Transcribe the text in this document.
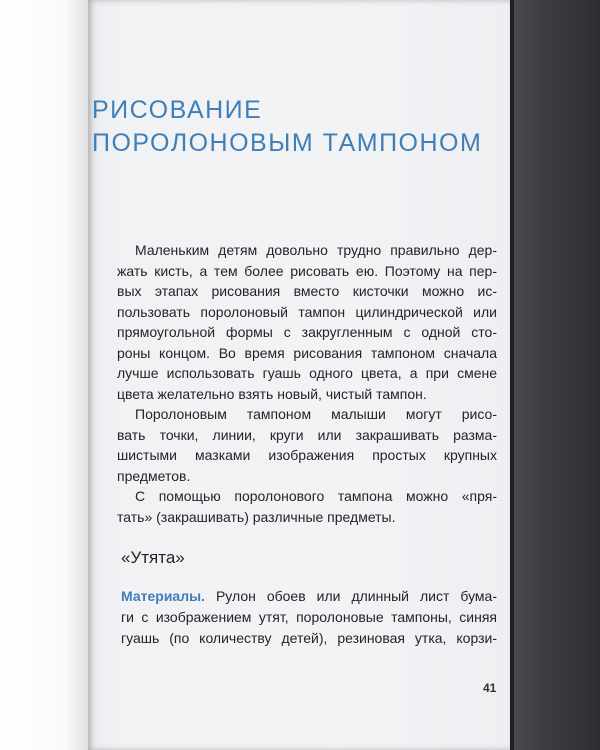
РИСОВАНИЕ
ПОРОЛОНОВЫМ ТАМПОНОМ

Маленьким детям довольно трудно правильно дер-
жать кисть, а тем более рисовать ею. Поэтому на пер-
вых этапах рисования вместо кисточки можно ис-
пользовать поролоновый тампон цилиндрической или
прямоугольной формы с закругленным с одной сто-
роны концом. Во время рисования тампоном сначала
лучше использовать гуашь одного цвета, а при смене
цвета желательно взять новый, чистый тампон.

Поролоновым тампоном малыши могут рисо-
вать точки, линии, круги или закрашивать разма-
шистыми мазками изображения простых крупных
предметов.

С помощью поролонового тампона можно «пря-
тать» (закрашивать) различные предметы.

«Утята»
Материалы. Рулон обоев или длинный лист бума-
ги с изображением утят, поролоновые тампоны, синяя
гуашь (по количеству детей), резиновая утка, корзи-
41
